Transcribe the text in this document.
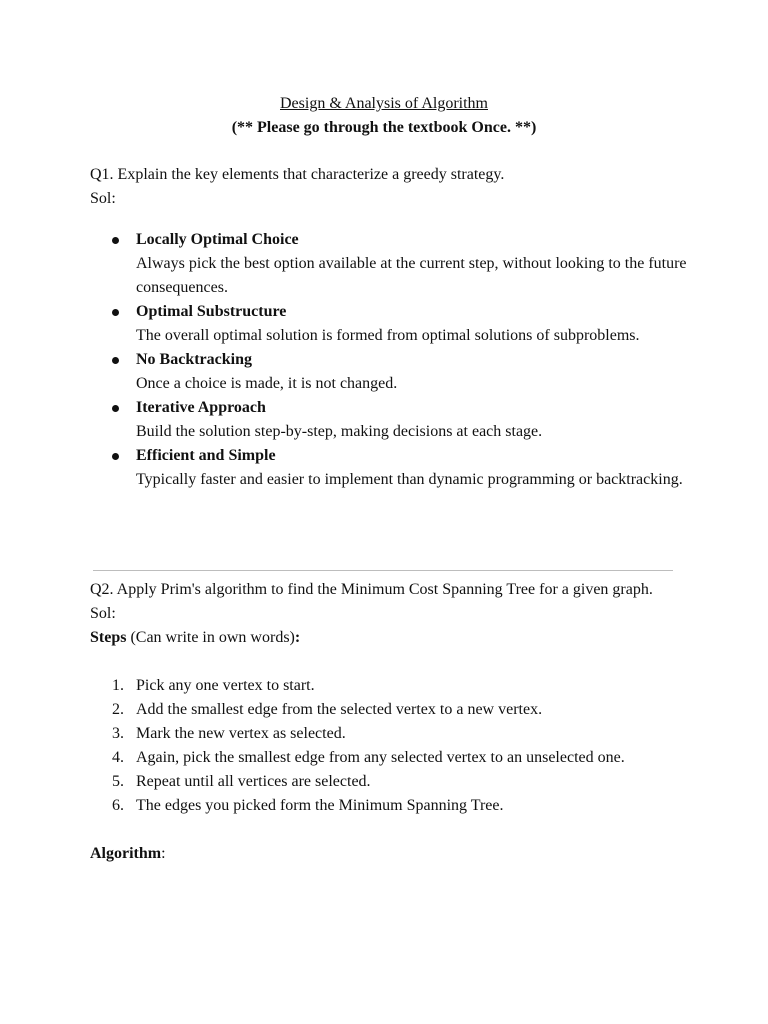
Design & Analysis of Algorithm
(** Please go through the textbook Once. **)
Q1. Explain the key elements that characterize a greedy strategy.
Sol:
Locally Optimal Choice
Always pick the best option available at the current step, without looking to the future consequences.
Optimal Substructure
The overall optimal solution is formed from optimal solutions of subproblems.
No Backtracking
Once a choice is made, it is not changed.
Iterative Approach
Build the solution step-by-step, making decisions at each stage.
Efficient and Simple
Typically faster and easier to implement than dynamic programming or backtracking.
Q2. Apply Prim's algorithm to find the Minimum Cost Spanning Tree for a given graph.
Sol:
Steps (Can write in own words):
1. Pick any one vertex to start.
2. Add the smallest edge from the selected vertex to a new vertex.
3. Mark the new vertex as selected.
4. Again, pick the smallest edge from any selected vertex to an unselected one.
5. Repeat until all vertices are selected.
6. The edges you picked form the Minimum Spanning Tree.
Algorithm:
